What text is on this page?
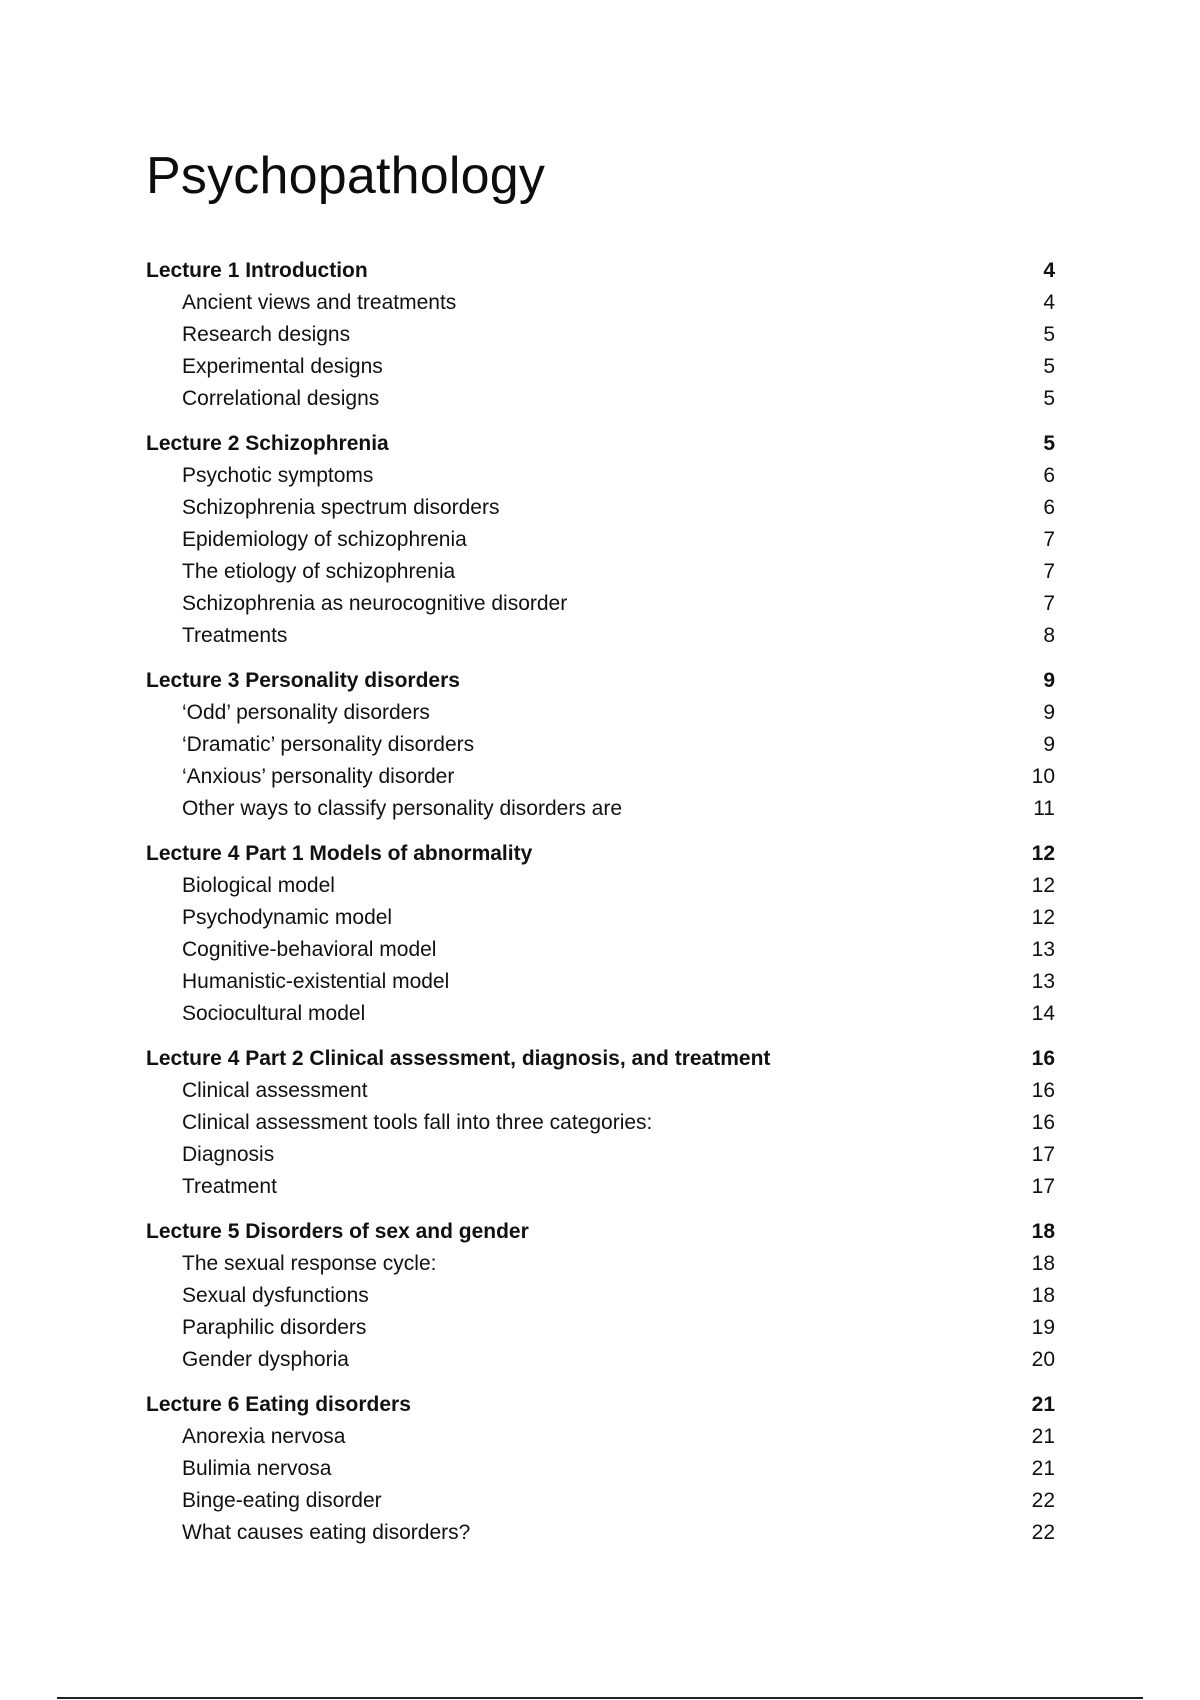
Psychopathology
Lecture 1 Introduction	4
Ancient views and treatments	4
Research designs	5
Experimental designs	5
Correlational designs	5
Lecture 2 Schizophrenia	5
Psychotic symptoms	6
Schizophrenia spectrum disorders	6
Epidemiology of schizophrenia	7
The etiology of schizophrenia	7
Schizophrenia as neurocognitive disorder	7
Treatments	8
Lecture 3 Personality disorders	9
‘Odd’ personality disorders	9
‘Dramatic’ personality disorders	9
‘Anxious’ personality disorder	10
Other ways to classify personality disorders are	11
Lecture 4 Part 1 Models of abnormality	12
Biological model	12
Psychodynamic model	12
Cognitive-behavioral model	13
Humanistic-existential model	13
Sociocultural model	14
Lecture 4 Part 2 Clinical assessment, diagnosis, and treatment	16
Clinical assessment	16
Clinical assessment tools fall into three categories:	16
Diagnosis	17
Treatment	17
Lecture 5 Disorders of sex and gender	18
The sexual response cycle:	18
Sexual dysfunctions	18
Paraphilic disorders	19
Gender dysphoria	20
Lecture 6 Eating disorders	21
Anorexia nervosa	21
Bulimia nervosa	21
Binge-eating disorder	22
What causes eating disorders?	22
